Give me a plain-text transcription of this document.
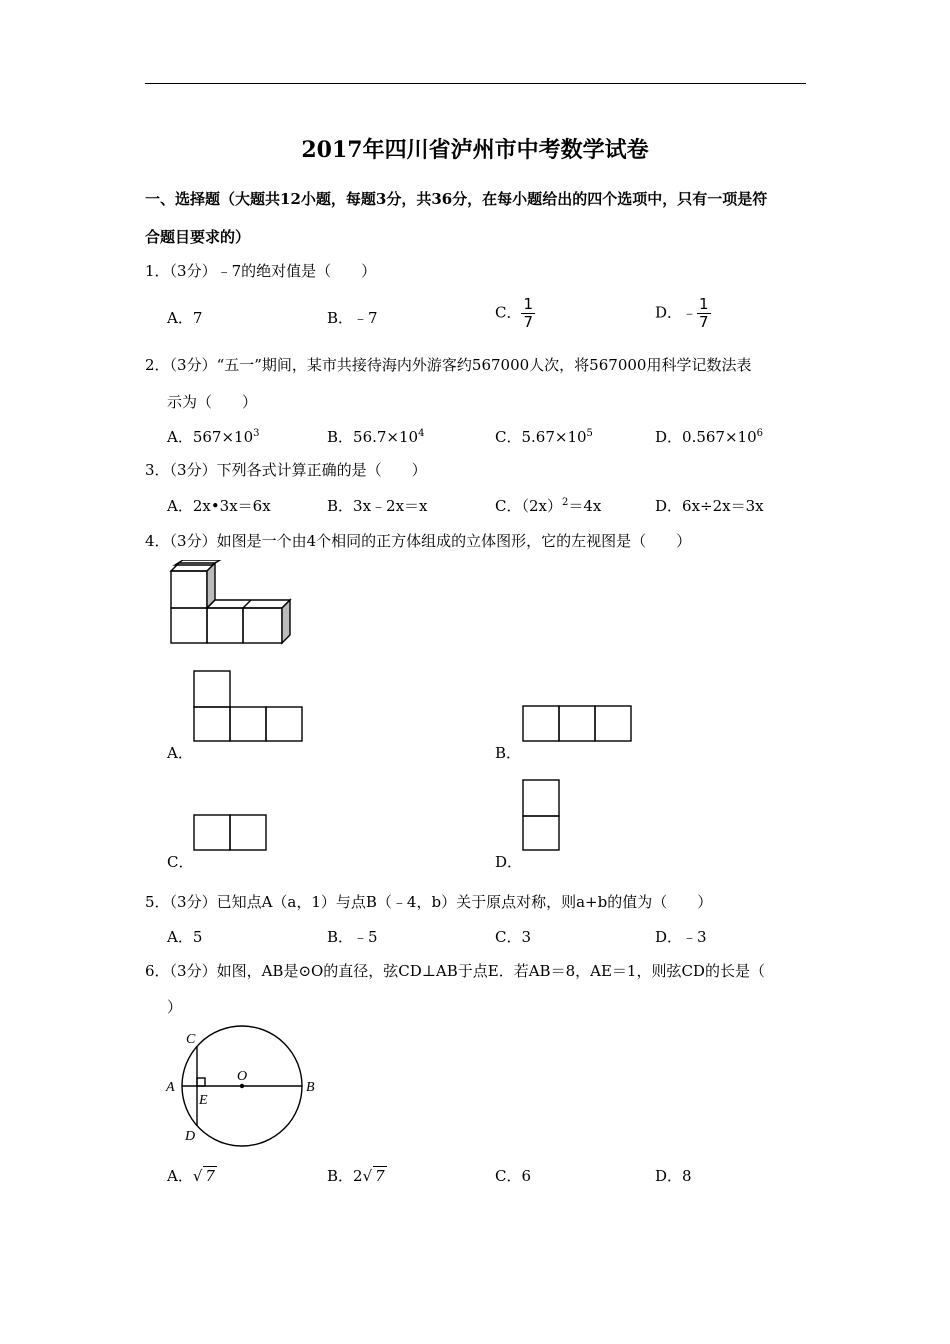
2017年四川省泸州市中考数学试卷
一、选择题（大题共12小题，每题3分，共36分，在每小题给出的四个选项中，只有一项是符
合题目要求的）
1．（3分）﹣7的绝对值是（　　）
A．7	B．﹣7	C． $\frac{1}{7}$	D．﹣ $\frac{1}{7}$
2．（3分）“五一”期间，某市共接待海内外游客约567000人次，将567000用科学记数法表
示为（　　）
A．$567\times 10^3$	B．$56.7\times 10^4$	C．$5.67\times 10^5$	D．$0.567\times 10^6$
3．（3分）下列各式计算正确的是（　　）
A．2x•3x＝6x	B．3x﹣2x＝x	C．$(2x)^2=4x$	D．6x÷2x＝3x
4．（3分）如图是一个由4个相同的正方体组成的立体图形，它的左视图是（　　）
A．	B．
C．	D．
5．（3分）已知点A（a，1）与点B（﹣4，b）关于原点对称，则a+b的值为（　　）
A．5	B．﹣5	C．3	D．﹣3
6．（3分）如图，AB是⊙O的直径，弦CD⊥AB于点E．若AB＝8，AE＝1，则弦CD的长是（
）
C
A
O
B
E
D
A．√ 7	B．2√ 7	C．6	D．8
